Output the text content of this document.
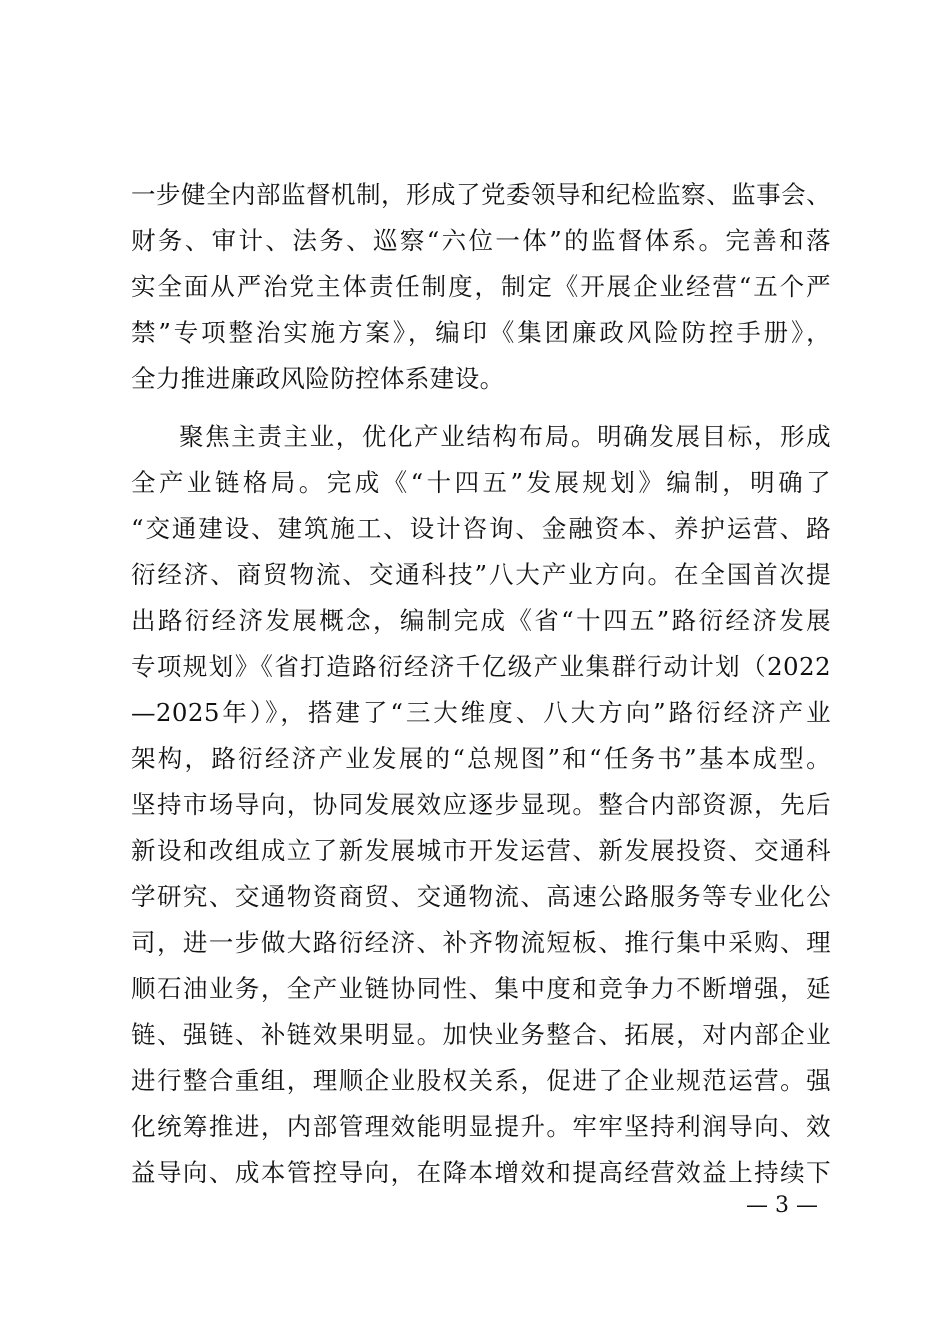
一步健全内部监督机制，形成了党委领导和纪检监察、监事会、
财务、审计、法务、巡察“六位一体”的监督体系。完善和落
实全面从严治党主体责任制度，制定《开展企业经营“五个严
禁”专项整治实施方案》，编印《集团廉政风险防控手册》，
全力推进廉政风险防控体系建设。
聚焦主责主业，优化产业结构布局。明确发展目标，形成
全产业链格局。完成《“十四五”发展规划》编制，明确了
“交通建设、建筑施工、设计咨询、金融资本、养护运营、路
衍经济、商贸物流、交通科技”八大产业方向。在全国首次提
出路衍经济发展概念，编制完成《省“十四五”路衍经济发展
专项规划》《省打造路衍经济千亿级产业集群行动计划（2022
—2025年）》，搭建了“三大维度、八大方向”路衍经济产业
架构，路衍经济产业发展的“总规图”和“任务书”基本成型。
坚持市场导向，协同发展效应逐步显现。整合内部资源，先后
新设和改组成立了新发展城市开发运营、新发展投资、交通科
学研究、交通物资商贸、交通物流、高速公路服务等专业化公
司，进一步做大路衍经济、补齐物流短板、推行集中采购、理
顺石油业务，全产业链协同性、集中度和竞争力不断增强，延
链、强链、补链效果明显。加快业务整合、拓展，对内部企业
进行整合重组，理顺企业股权关系，促进了企业规范运营。强
化统筹推进，内部管理效能明显提升。牢牢坚持利润导向、效
益导向、成本管控导向，在降本增效和提高经营效益上持续下
— 3 —
